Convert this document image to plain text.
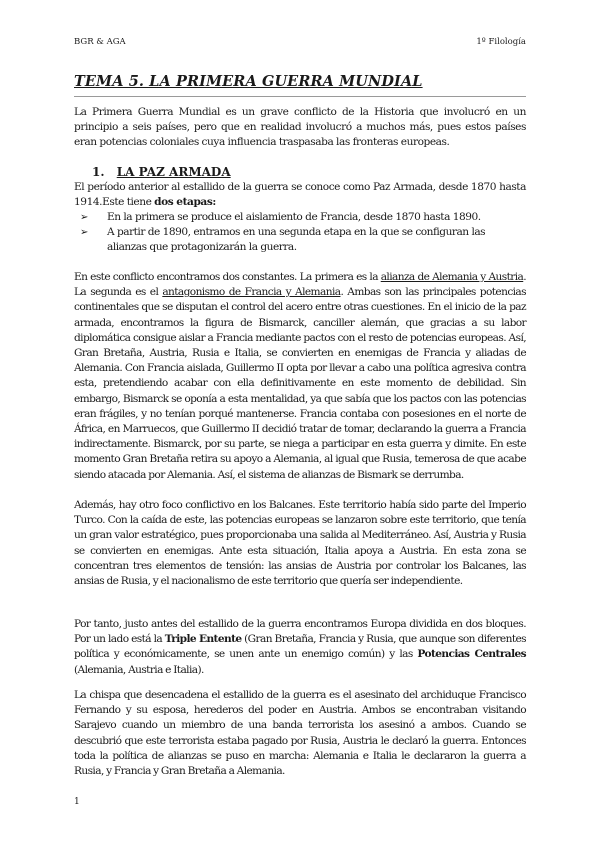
BGR & AGA	1º Filología
TEMA 5. LA PRIMERA GUERRA MUNDIAL

La Primera Guerra Mundial es un grave conflicto de la Historia que involucró en un principio a seis países, pero que en realidad involucró a muchos más, pues estos países eran potencias coloniales cuya influencia traspasaba las fronteras europeas.

1. LA PAZ ARMADA

El período anterior al estallido de la guerra se conoce como Paz Armada, desde 1870 hasta 1914.Este tiene dos etapas:

➢ En la primera se produce el aislamiento de Francia, desde 1870 hasta 1890.
➢ A partir de 1890, entramos en una segunda etapa en la que se configuran las alianzas que protagonizarán la guerra.

En este conflicto encontramos dos constantes. La primera es la alianza de Alemania y Austria. La segunda es el antagonismo de Francia y Alemania. Ambas son las principales potencias continentales que se disputan el control del acero entre otras cuestiones. En el inicio de la paz armada, encontramos la figura de Bismarck, canciller alemán, que gracias a su labor diplomática consigue aislar a Francia mediante pactos con el resto de potencias europeas. Así, Gran Bretaña, Austria, Rusia e Italia, se convierten en enemigas de Francia y aliadas de Alemania. Con Francia aislada, Guillermo II opta por llevar a cabo una política agresiva contra esta, pretendiendo acabar con ella definitivamente en este momento de debilidad. Sin embargo, Bismarck se oponía a esta mentalidad, ya que sabía que los pactos con las potencias eran frágiles, y no tenían porqué mantenerse. Francia contaba con posesiones en el norte de África, en Marruecos, que Guillermo II decidió tratar de tomar, declarando la guerra a Francia indirectamente. Bismarck, por su parte, se niega a participar en esta guerra y dimite. En este momento Gran Bretaña retira su apoyo a Alemania, al igual que Rusia, temerosa de que acabe siendo atacada por Alemania. Así, el sistema de alianzas de Bismark se derrumba.

Además, hay otro foco conflictivo en los Balcanes. Este territorio había sido parte del Imperio Turco. Con la caída de este, las potencias europeas se lanzaron sobre este territorio, que tenía un gran valor estratégico, pues proporcionaba una salida al Mediterráneo. Así, Austria y Rusia se convierten en enemigas. Ante esta situación, Italia apoya a Austria. En esta zona se concentran tres elementos de tensión: las ansias de Austria por controlar los Balcanes, las ansias de Rusia, y el nacionalismo de este territorio que quería ser independiente.

Por tanto, justo antes del estallido de la guerra encontramos Europa dividida en dos bloques. Por un lado está la Triple Entente (Gran Bretaña, Francia y Rusia, que aunque son diferentes política y económicamente, se unen ante un enemigo común) y las Potencias Centrales (Alemania, Austria e Italia).

La chispa que desencadena el estallido de la guerra es el asesinato del archiduque Francisco Fernando y su esposa, herederos del poder en Austria. Ambos se encontraban visitando Sarajevo cuando un miembro de una banda terrorista los asesinó a ambos. Cuando se descubrió que este terrorista estaba pagado por Rusia, Austria le declaró la guerra. Entonces toda la política de alianzas se puso en marcha: Alemania e Italia le declararon la guerra a Rusia, y Francia y Gran Bretaña a Alemania.

1
